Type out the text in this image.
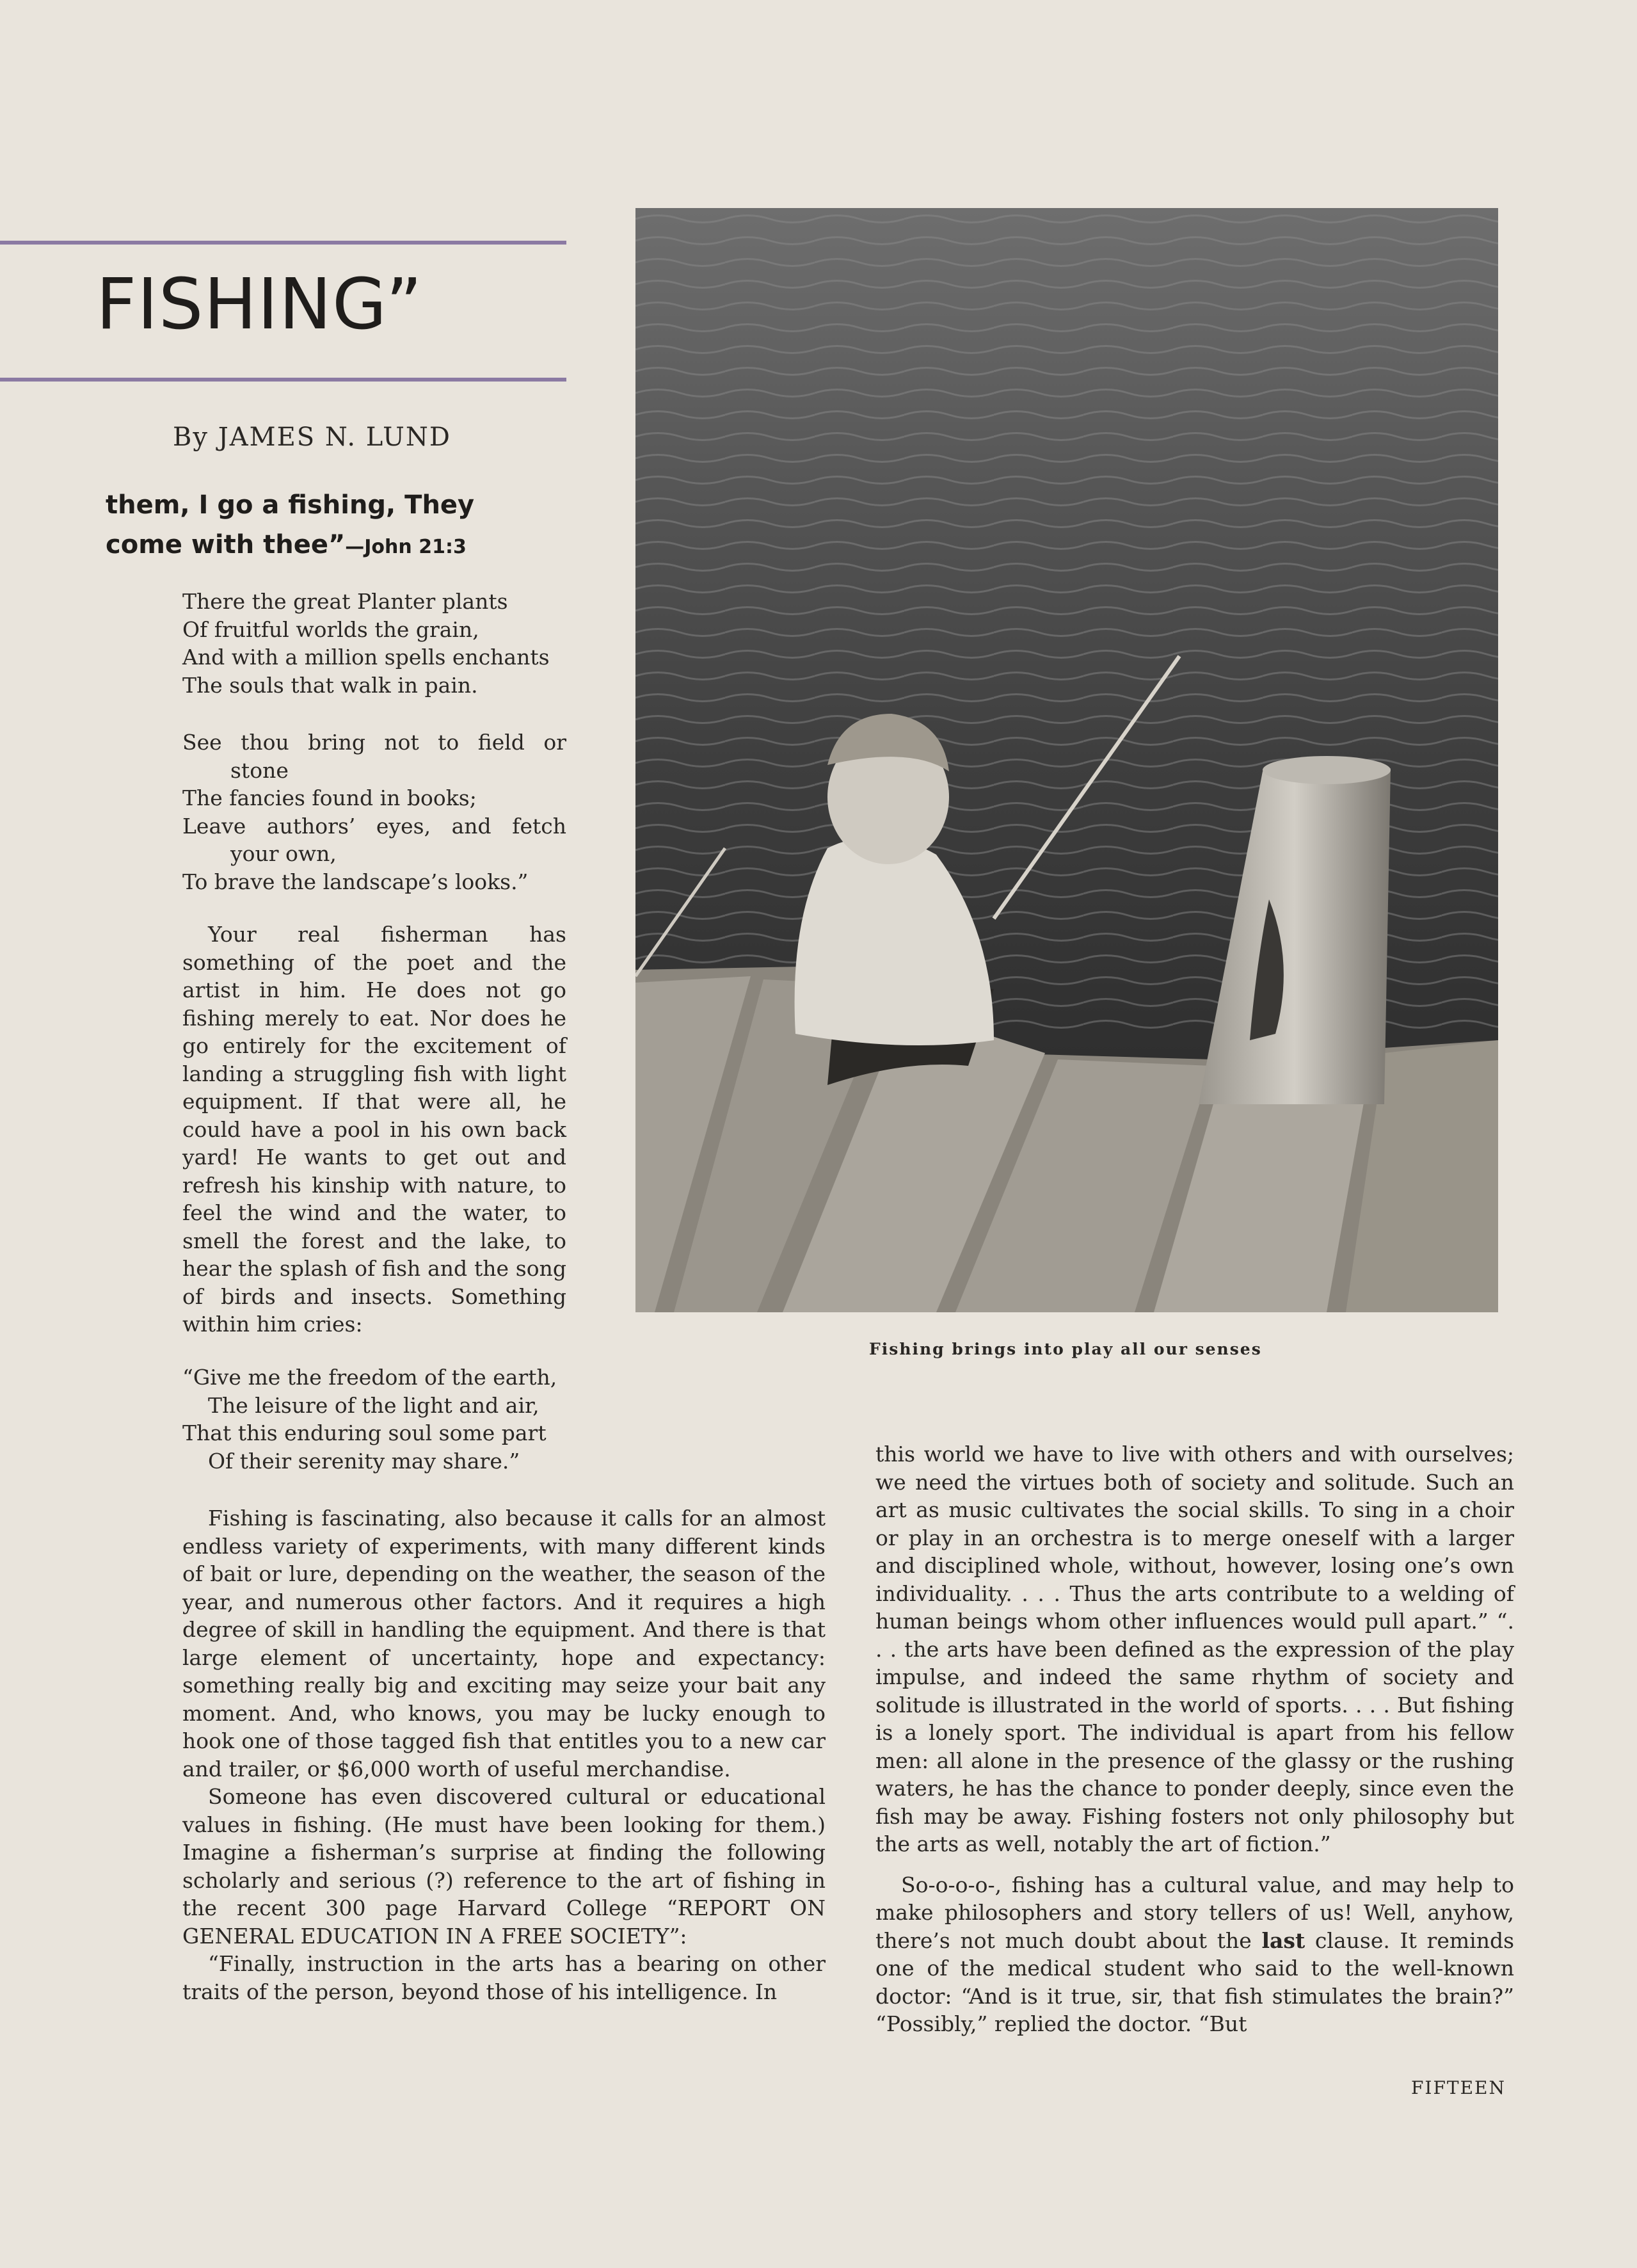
FISHING”
By JAMES N. LUND
them, I go a fishing, They
come with thee”—John 21:3
There the great Planter plants
Of fruitful worlds the grain,
And with a million spells enchants
The souls that walk in pain.
See thou bring not to field or
stone
The fancies found in books;
Leave authors’ eyes, and fetch
your own,
To brave the landscape’s looks.”

Your real fisherman has something of the poet and the artist in him. He does not go fishing merely to eat. Nor does he go entirely for the excitement of landing a struggling fish with light equipment. If that were all, he could have a pool in his own back yard! He wants to get out and refresh his kinship with nature, to feel the wind and the water, to smell the forest and the lake, to hear the splash of fish and the song of birds and insects. Something within him cries:

“Give me the freedom of the earth,
The leisure of the light and air,
That this enduring soul some part
Of their serenity may share.”

Fishing is fascinating, also because it calls for an almost endless variety of experiments, with many different kinds of bait or lure, depending on the weather, the season of the year, and numerous other factors. And it requires a high degree of skill in handling the equipment. And there is that large element of uncertainty, hope and expectancy: something really big and exciting may seize your bait any moment. And, who knows, you may be lucky enough to hook one of those tagged fish that entitles you to a new car and trailer, or $6,000 worth of useful merchandise.

Someone has even discovered cultural or educational values in fishing. (He must have been looking for them.) Imagine a fisherman’s surprise at finding the following scholarly and serious (?) reference to the art of fishing in the recent 300 page Harvard College “REPORT ON GENERAL EDUCATION IN A FREE SOCIETY”:

“Finally, instruction in the arts has a bearing on other traits of the person, beyond those of his intelligence. In

Fishing brings into play all our senses

this world we have to live with others and with ourselves; we need the virtues both of society and solitude. Such an art as music cultivates the social skills. To sing in a choir or play in an orchestra is to merge oneself with a larger and disciplined whole, without, however, losing one’s own individuality. . . . Thus the arts contribute to a welding of human beings whom other influences would pull apart.” “. . . the arts have been defined as the expression of the play impulse, and indeed the same rhythm of society and solitude is illustrated in the world of sports. . . . But fishing is a lonely sport. The individual is apart from his fellow men: all alone in the presence of the glassy or the rushing waters, he has the chance to ponder deeply, since even the fish may be away. Fishing fosters not only philosophy but the arts as well, notably the art of fiction.”

So-o-o-o-, fishing has a cultural value, and may help to make philosophers and story tellers of us! Well, anyhow, there’s not much doubt about the last clause. It reminds one of the medical student who said to the well-known doctor: “And is it true, sir, that fish stimulates the brain?” “Possibly,” replied the doctor. “But

FIFTEEN
